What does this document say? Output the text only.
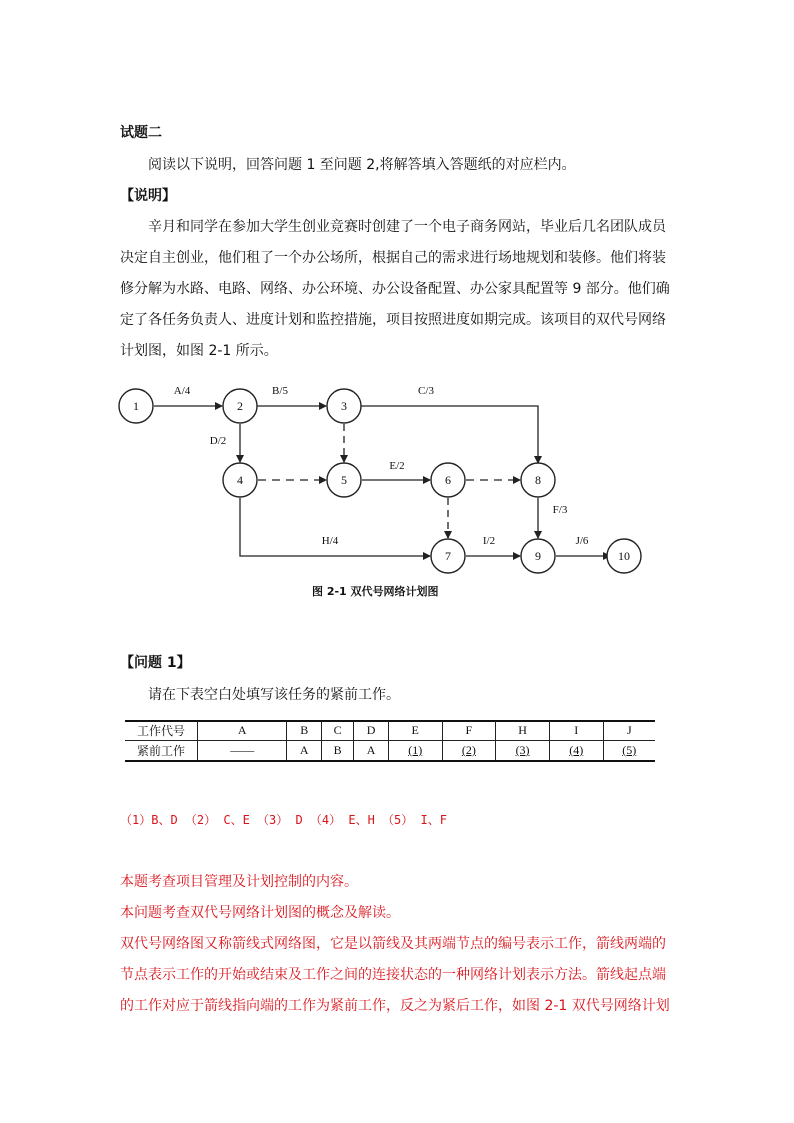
试题二
阅读以下说明，回答问题 1 至问题 2,将解答填入答题纸的对应栏内。
【说明】
辛月和同学在参加大学生创业竞赛时创建了一个电子商务网站，毕业后几名团队成员
决定自主创业，他们租了一个办公场所，根据自己的需求进行场地规划和装修。他们将装
修分解为水路、电路、网络、办公环境、办公设备配置、办公家具配置等 9 部分。他们确
定了各任务负责人、进度计划和监控措施，项目按照进度如期完成。该项目的双代号网络
计划图，如图 2-1 所示。
1	2	3
4	5	6
7
8
9	10
A/4	B/5	C/3
D/2
E/2
F/3
H/4	I/2	J/6
图 2-1 双代号网络计划图
【问题 1】
请在下表空白处填写该任务的紧前工作。
工作代号	A	B	C	D	E	F	H	I	J
紧前工作	——	A	B	A	(1)	(2)	(3)	(4)	(5)
（1）B、D （2） C、E （3） D （4） E、H （5） I、F
本题考查项目管理及计划控制的内容。
本问题考查双代号网络计划图的概念及解读。
双代号网络图又称箭线式网络图，它是以箭线及其两端节点的编号表示工作，箭线两端的
节点表示工作的开始或结束及工作之间的连接状态的一种网络计划表示方法。箭线起点端
的工作对应于箭线指向端的工作为紧前工作，反之为紧后工作，如图 2-1 双代号网络计划
